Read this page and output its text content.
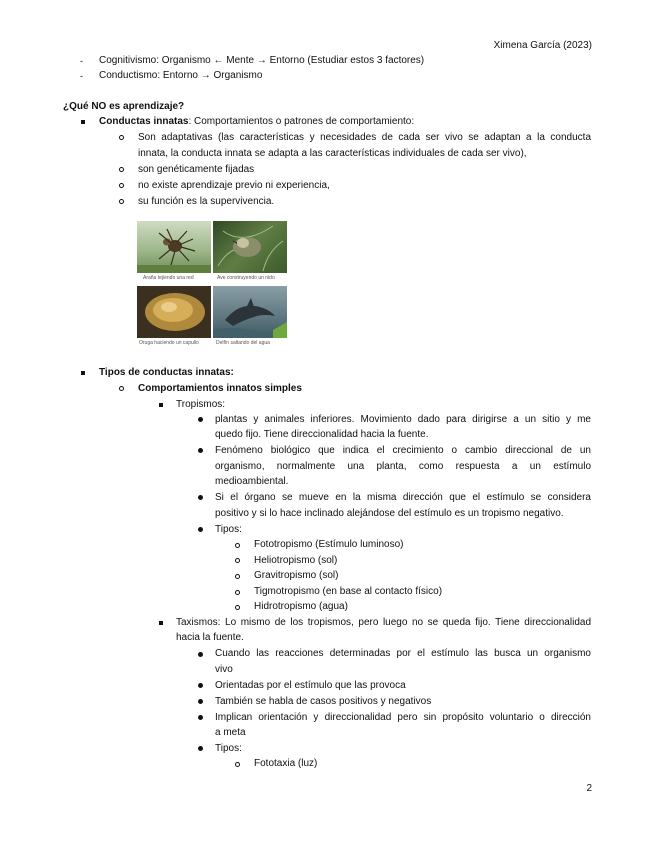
Ximena García (2023)
- Cognitivismo: Organismo ← Mente → Entorno (Estudiar estos 3 factores)
- Conductismo: Entorno → Organismo
¿Qué NO es aprendizaje?
Conductas innatas: Comportamientos o patrones de comportamiento:
Son adaptativas (las características y necesidades de cada ser vivo se adaptan a la conducta
innata, la conducta innata se adapta a las características individuales de cada ser vivo),
son genéticamente fijadas
no existe aprendizaje previo ni experiencia,
su función es la supervivencia.
Araña tejiendo una red	Ave construyendo un nido
Oruga haciendo un capullo	Delfín saltando del agua
Tipos de conductas innatas:
Comportamientos innatos simples
Tropismos:
plantas y animales inferiores. Movimiento dado para dirigirse a un sitio y me
quedo fijo. Tiene direccionalidad hacia la fuente.
Fenómeno biológico que indica el crecimiento o cambio direccional de un
organismo, normalmente una planta, como respuesta a un estímulo
medioambiental.
Si el órgano se mueve en la misma dirección que el estímulo se considera
positivo y si lo hace inclinado alejándose del estímulo es un tropismo negativo.
Tipos:
Fototropismo (Estímulo luminoso)
Heliotropismo (sol)
Gravitropismo (sol)
Tigmotropismo (en base al contacto físico)
Hidrotropismo (agua)
Taxismos: Lo mismo de los tropismos, pero luego no se queda fijo. Tiene direccionalidad
hacia la fuente.
Cuando las reacciones determinadas por el estímulo las busca un organismo
vivo
Orientadas por el estímulo que las provoca
También se habla de casos positivos y negativos
Implican orientación y direccionalidad pero sin propósito voluntario o dirección
a meta
Tipos:
Fototaxia (luz)
2
